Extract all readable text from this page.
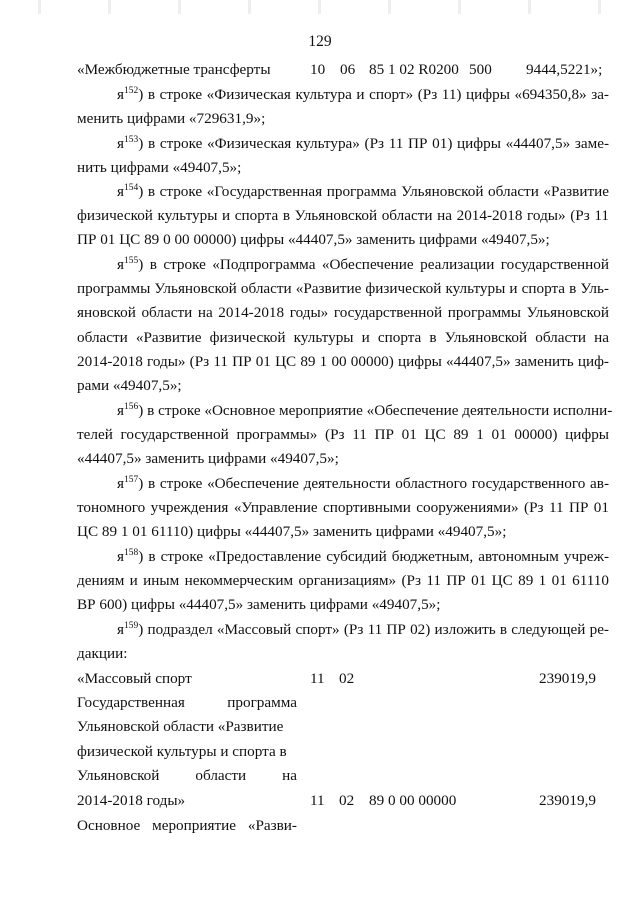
129
«Межбюджетные трансферты	10 06 85 1 02 R0200 500 9444,5221»;
$я^{152}$) в строке «Физическая культура и спорт» (Рз 11) цифры «694350,8» за-
менить цифрами «729631,9»;
$я^{153}$) в строке «Физическая культура» (Рз 11 ПР 01) цифры «44407,5» заме-
нить цифрами «49407,5»;
$я^{154}$) в строке «Государственная программа Ульяновской области «Развитие
физической культуры и спорта в Ульяновской области на 2014-2018 годы» (Рз 11
ПР 01 ЦС 89 0 00 00000) цифры «44407,5» заменить цифрами «49407,5»;
$я^{155}$) в строке «Подпрограмма «Обеспечение реализации государственной
программы Ульяновской области «Развитие физической культуры и спорта в Уль-
яновской области на 2014-2018 годы» государственной программы Ульяновской
области «Развитие физической культуры и спорта в Ульяновской области на
2014-2018 годы» (Рз 11 ПР 01 ЦС 89 1 00 00000) цифры «44407,5» заменить циф-
рами «49407,5»;
$я^{156}$) в строке «Основное мероприятие «Обеспечение деятельности исполни-
телей государственной программы» (Рз 11 ПР 01 ЦС 89 1 01 00000) цифры
«44407,5» заменить цифрами «49407,5»;
$я^{157}$) в строке «Обеспечение деятельности областного государственного ав-
тономного учреждения «Управление спортивными сооружениями» (Рз 11 ПР 01
ЦС 89 1 01 61110) цифры «44407,5» заменить цифрами «49407,5»;
$я^{158}$) в строке «Предоставление субсидий бюджетным, автономным учреж-
дениям и иным некоммерческим организациям» (Рз 11 ПР 01 ЦС 89 1 01 61110
ВР 600) цифры «44407,5» заменить цифрами «49407,5»;
$я^{159}$) подраздел «Массовый спорт» (Рз 11 ПР 02) изложить в следующей ре-
дакции:
«Массовый спорт	11 02	239019,9
Государственная программа
Ульяновской области «Развитие
физической культуры и спорта в
Ульяновской области на
2014-2018 годы»	11 02 89 0 00 00000	239019,9
Основное мероприятие «Разви-
